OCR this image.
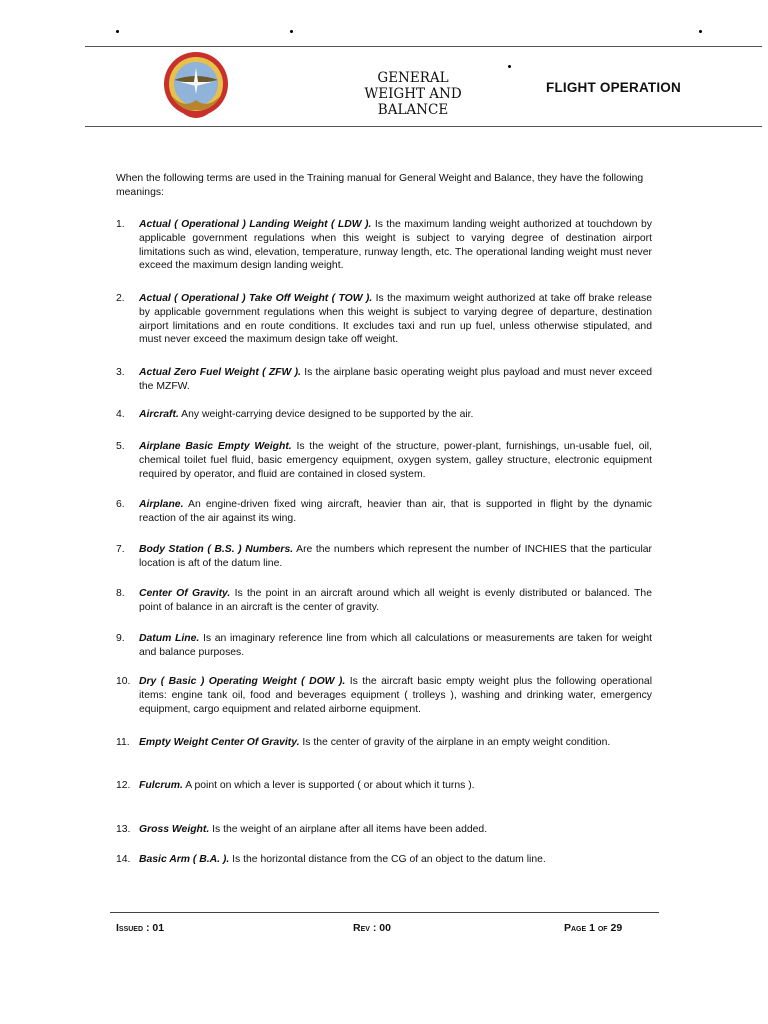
GENERAL
WEIGHT AND BALANCE
FLIGHT OPERATION

When the following terms are used in the Training manual for General Weight and Balance, they have the following meanings:

1.	Actual ( Operational ) Landing Weight ( LDW ). Is the maximum landing weight authorized at touchdown by applicable government regulations when this weight is subject to varying degree of destination airport limitations such as wind, elevation, temperature, runway length, etc. The operational landing weight must never exceed the maximum design landing weight.
2.	Actual ( Operational ) Take Off Weight ( TOW ). Is the maximum weight authorized at take off brake release by applicable government regulations when this weight is subject to varying degree of departure, destination airport limitations and en route conditions. It excludes taxi and run up fuel, unless otherwise stipulated, and must never exceed the maximum design take off weight.
3.	Actual Zero Fuel Weight ( ZFW ). Is the airplane basic operating weight plus payload and must never exceed the MZFW.
4.	Aircraft. Any weight-carrying device designed to be supported by the air.
5.	Airplane Basic Empty Weight. Is the weight of the structure, power-plant, furnishings, un-usable fuel, oil, chemical toilet fuel fluid, basic emergency equipment, oxygen system, galley structure, electronic equipment required by operator, and fluid are contained in closed system.
6.	Airplane. An engine-driven fixed wing aircraft, heavier than air, that is supported in flight by the dynamic reaction of the air against its wing.
7.	Body Station ( B.S. ) Numbers. Are the numbers which represent the number of INCHIES that the particular location is aft of the datum line.
8.	Center Of Gravity. Is the point in an aircraft around which all weight is evenly distributed or balanced. The point of balance in an aircraft is the center of gravity.
9.	Datum Line. Is an imaginary reference line from which all calculations or measurements are taken for weight and balance purposes.
10. Dry ( Basic ) Operating Weight ( DOW ). Is the aircraft basic empty weight plus the following operational items: engine tank oil, food and beverages equipment ( trolleys ), washing and drinking water, emergency equipment, cargo equipment and related airborne equipment.
11. Empty Weight Center Of Gravity. Is the center of gravity of the airplane in an empty weight condition.
12. Fulcrum. A point on which a lever is supported ( or about which it turns ).
13. Gross Weight. Is the weight of an airplane after all items have been added.
14. Basic Arm ( B.A. ). Is the horizontal distance from the CG of an object to the datum line.
Issued : 01	Rev : 00	Page 1 of 29
